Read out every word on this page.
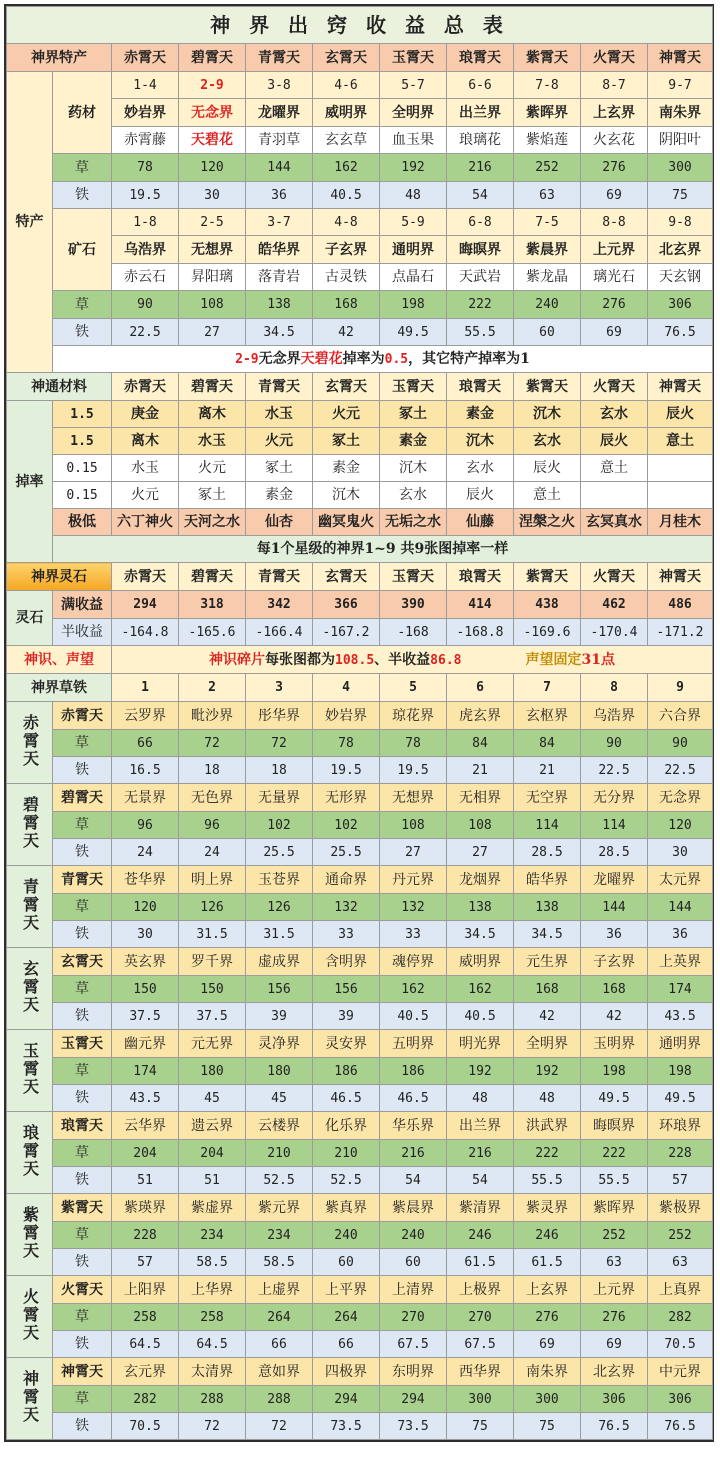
神 界 出 窍 收 益 总 表										
神界特产		赤霄天	碧霄天	青霄天	玄霄天	玉霄天	琅霄天	紫霄天	火霄天	神霄天
特产	药材	1-4	2-9	3-8	4-6	5-7	6-6	7-8	8-7	9-7
		妙岩界	无念界	龙曜界	威明界	全明界	出兰界	紫晖界	上玄界	南朱界
		赤霄藤	天碧花	青羽草	玄玄草	血玉果	琅璃花	紫焰莲	火玄花	阴阳叶
	草	78	120	144	162	192	216	252	276	300
	铁	19.5	30	36	40.5	48	54	63	69	75
	矿石	1-8	2-5	3-7	4-8	5-9	6-8	7-5	8-8	9-8
		乌浩界	无想界	皓华界	子玄界	通明界	晦暝界	紫晨界	上元界	北玄界
		赤云石	昇阳璃	落青岩	古灵铁	点晶石	天武岩	紫龙晶	璃光石	天玄钢
	草	90	108	138	168	198	222	240	276	306
	铁	22.5	27	34.5	42	49.5	55.5	60	69	76.5
	2-9无念界天碧花掉率为0.5，其它特产掉率为1									
神通材料		赤霄天	碧霄天	青霄天	玄霄天	玉霄天	琅霄天	紫霄天	火霄天	神霄天
掉率	1.5	庚金	离木	水玉	火元	冢土	素金	沉木	玄水	辰火
	1.5	离木	水玉	火元	冢土	素金	沉木	玄水	辰火	意土
	0.15	水玉	火元	冢土	素金	沉木	玄水	辰火	意土	
	0.15	火元	冢土	素金	沉木	玄水	辰火	意土		
	极低	六丁神火	天河之水	仙杏	幽冥鬼火	无垢之水	仙藤	涅槃之火	玄冥真水	月桂木
	每1个星级的神界1~9 共9张图掉率一样									
神界灵石		赤霄天	碧霄天	青霄天	玄霄天	玉霄天	琅霄天	紫霄天	火霄天	神霄天
灵石	满收益	294	318	342	366	390	414	438	462	486
	半收益	-164.8	-165.6	-166.4	-167.2	-168	-168.8	-169.6	-170.4	-171.2
神识、声望		神识碎片每张图都为108.5、半收益86.8 声望固定31点								
神界草铁		1	2	3	4	5	6	7	8	9
赤霄天	赤霄天	云罗界	毗沙界	彤华界	妙岩界	琼花界	虎玄界	玄枢界	乌浩界	六合界
	草	66	72	72	78	78	84	84	90	90
	铁	16.5	18	18	19.5	19.5	21	21	22.5	22.5
碧霄天	碧霄天	无景界	无色界	无量界	无形界	无想界	无相界	无空界	无分界	无念界
	草	96	96	102	102	108	108	114	114	120
	铁	24	24	25.5	25.5	27	27	28.5	28.5	30
青霄天	青霄天	苍华界	明上界	玉苍界	通命界	丹元界	龙烟界	皓华界	龙曜界	太元界
	草	120	126	126	132	132	138	138	144	144
	铁	30	31.5	31.5	33	33	34.5	34.5	36	36
玄霄天	玄霄天	英玄界	罗千界	虚成界	含明界	魂停界	威明界	元生界	子玄界	上英界
	草	150	150	156	156	162	162	168	168	174
	铁	37.5	37.5	39	39	40.5	40.5	42	42	43.5
玉霄天	玉霄天	幽元界	元无界	灵净界	灵安界	五明界	明光界	全明界	玉明界	通明界
	草	174	180	180	186	186	192	192	198	198
	铁	43.5	45	45	46.5	46.5	48	48	49.5	49.5
琅霄天	琅霄天	云华界	遗云界	云楼界	化乐界	华乐界	出兰界	洪武界	晦暝界	环琅界
	草	204	204	210	210	216	216	222	222	228
	铁	51	51	52.5	52.5	54	54	55.5	55.5	57
紫霄天	紫霄天	紫瑛界	紫虚界	紫元界	紫真界	紫晨界	紫清界	紫灵界	紫晖界	紫极界
	草	228	234	234	240	240	246	246	252	252
	铁	57	58.5	58.5	60	60	61.5	61.5	63	63
火霄天	火霄天	上阳界	上华界	上虚界	上平界	上清界	上极界	上玄界	上元界	上真界
	草	258	258	264	264	270	270	276	276	282
	铁	64.5	64.5	66	66	67.5	67.5	69	69	70.5
神霄天	神霄天	玄元界	太清界	意如界	四极界	东明界	西华界	南朱界	北玄界	中元界
	草	282	288	288	294	294	300	300	306	306
	铁	70.5	72	72	73.5	73.5	75	75	76.5	76.5
